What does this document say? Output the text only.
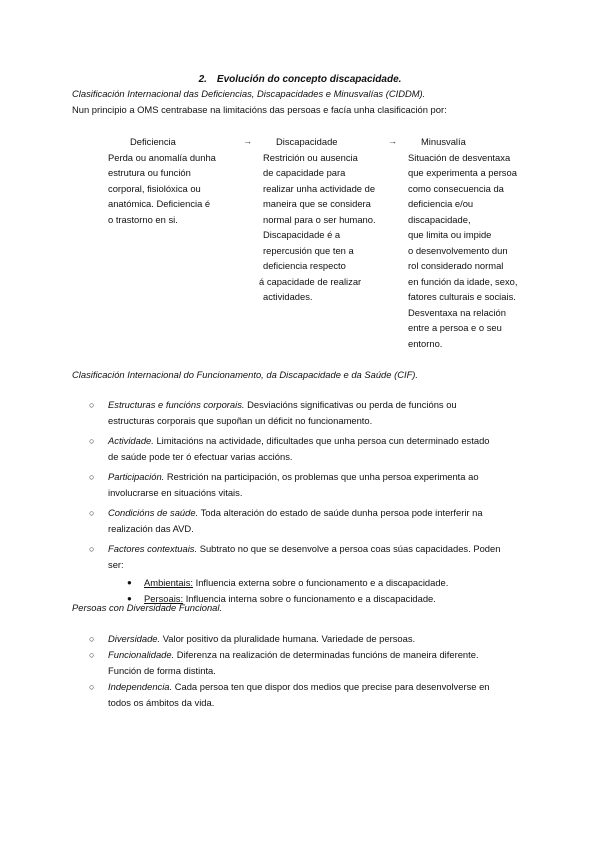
2. Evolución do concepto discapacidade.
Clasificación Internacional das Deficiencias, Discapacidades e Minusvalías (CIDDM).
Nun principio a OMS centrabase na limitacións das persoas e facía unha clasificación por:
Deficiencia
Perda ou anomalía dunha
estrutura ou función
corporal, fisiolóxica ou
anatómica. Deficiencia é
o trastorno en si.
→	Discapacidade
Restrición ou ausencia
de capacidade para
realizar unha actividade de
maneira que se considera
normal para o ser humano.
Discapacidade é a
repercusión que ten a
deficiencia respecto
á capacidade de realizar
actividades.
→	Minusvalía
Situación de desventaxa
que experimenta a persoa
como consecuencia da
deficiencia e/ou
discapacidade,
que limita ou impide
o desenvolvemento dun
rol considerado normal
en función da idade, sexo,
fatores culturais e sociais.
Desventaxa na relación
entre a persoa e o seu
entorno.
Clasificación Internacional do Funcionamento, da Discapacidade e da Saúde (CIF).
○ Estructuras e funcións corporais. Desviacións significativas ou perda de funcións ou
estructuras corporais que supoñan un déficit no funcionamento.
○ Actividade. Limitacións na actividade, dificultades que unha persoa cun determinado estado
de saúde pode ter ó efectuar varias accións.
○ Participación. Restrición na participación, os problemas que unha persoa experimenta ao
involucrarse en situacións vitais.
○ Condicións de saúde. Toda alteración do estado de saúde dunha persoa pode interferir na
realización das AVD.
○ Factores contextuais. Subtrato no que se desenvolve a persoa coas súas capacidades. Poden
ser:
● Ambientais: Influencia externa sobre o funcionamento e a discapacidade.
● Persoais: Influencia interna sobre o funcionamento e a discapacidade.
Persoas con Diversidade Funcional.
○ Diversidade. Valor positivo da pluralidade humana. Variedade de persoas.
○ Funcionalidade. Diferenza na realización de determinadas funcións de maneira diferente.
Función de forma distinta.
○ Independencia. Cada persoa ten que dispor dos medios que precise para desenvolverse en
todos os ámbitos da vida.
